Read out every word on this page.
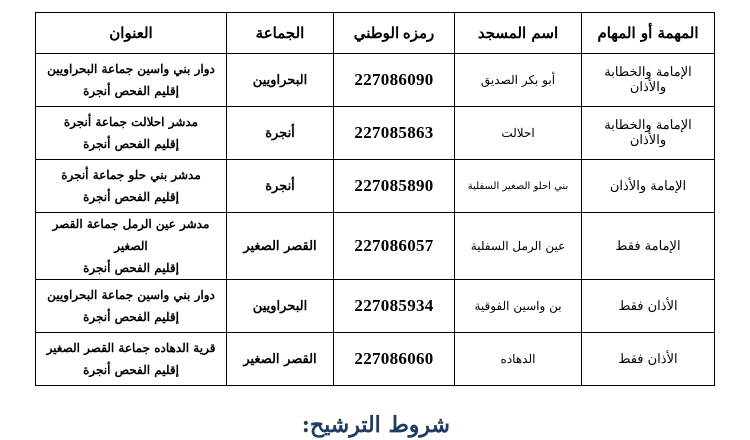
المهمة أو المهام	اسم المسجد	رمزه الوطني	الجماعة	العنوان
الإمامة والخطابة والأذان	أبو بكر الصديق	227086090	البحراويين	دوار بني واسين جماعة البحراويين
إقليم الفحص أنجرة

الإمامة والخطابة والأذان	احلالت	227085863	أنجرة	مدشر احلالت جماعة أنجرة
إقليم الفحص أنجرة

الإمامة والأذان	بني احلو الصغير السفلية	227085890	أنجرة	مدشر بني حلو جماعة أنجرة
إقليم الفحص أنجرة

الإمامة فقط	عين الرمل السفلية	227086057	القصر الصغير	مدشر عين الرمل جماعة القصر الصغير
إقليم الفحص أنجرة

الأذان فقط	بن واسين الفوقية	227085934	البحراويين	دوار بني واسين جماعة البحراويين
إقليم الفحص أنجرة

الأذان فقط	الدهاده	227086060	القصر الصغير	قرية الدهاده جماعة القصر الصغير
إقليم الفحص أنجرة
شروط الترشيح:
